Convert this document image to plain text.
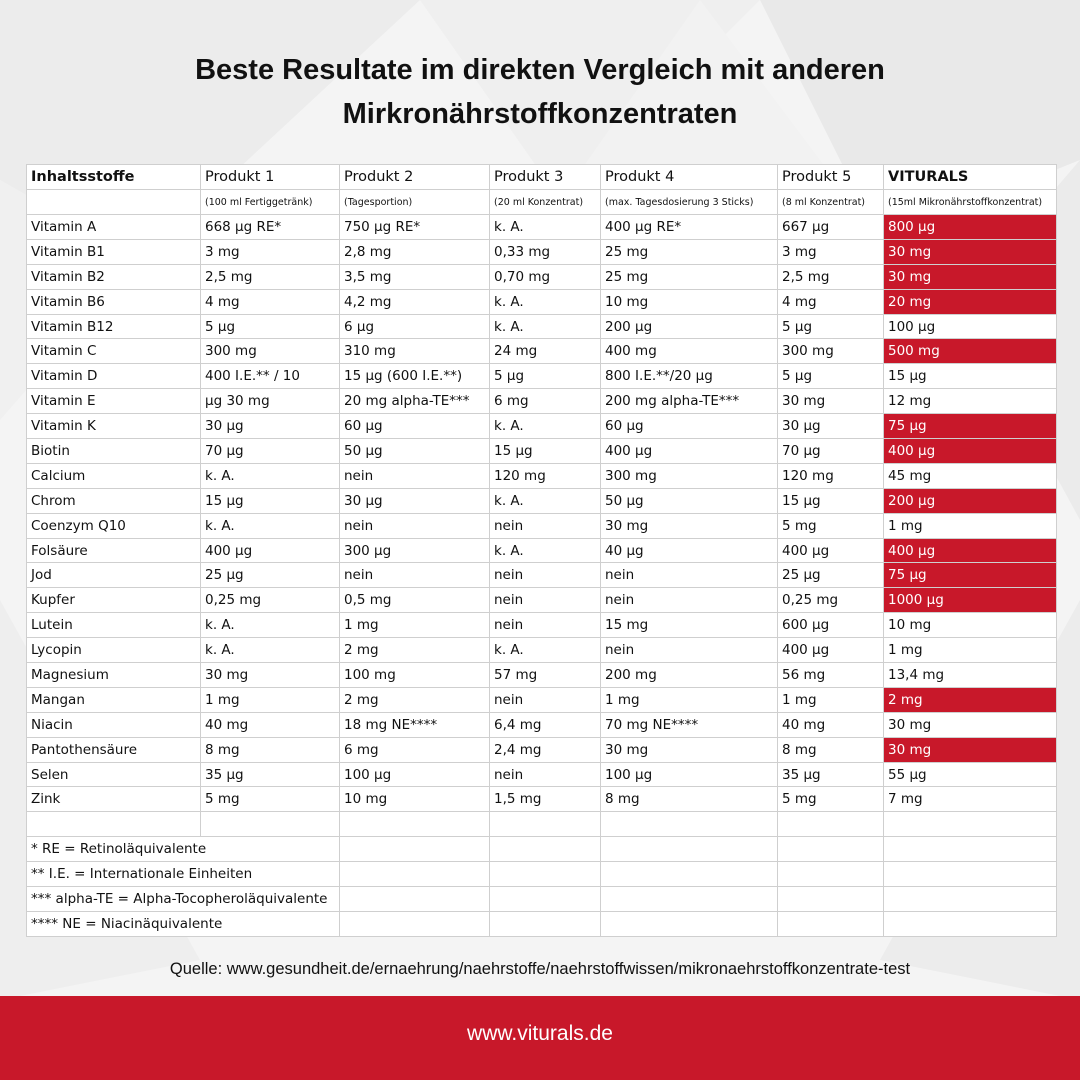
Beste Resultate im direkten Vergleich mit anderen
Mirkronährstoffkonzentraten
Inhaltsstoffe	Produkt 1	Produkt 2	Produkt 3	Produkt 4	Produkt 5	VITURALS
	(100 ml Fertiggetränk)	(Tagesportion)	(20 ml Konzentrat)	(max. Tagesdosierung 3 Sticks)	(8 ml Konzentrat)	(15ml Mikronährstoffkonzentrat)
Vitamin A	668 µg RE*	750 µg RE*	k. A.	400 µg RE*	667 µg	800 µg
Vitamin B1	3 mg	2,8 mg	0,33 mg	25 mg	3 mg	30 mg
Vitamin B2	2,5 mg	3,5 mg	0,70 mg	25 mg	2,5 mg	30 mg
Vitamin B6	4 mg	4,2 mg	k. A.	10 mg	4 mg	20 mg
Vitamin B12	5 µg	6 µg	k. A.	200 µg	5 µg	100 µg
Vitamin C	300 mg	310 mg	24 mg	400 mg	300 mg	500 mg
Vitamin D	400 I.E.** / 10	15 µg (600 I.E.**)	5 µg	800 I.E.**/20 µg	5 µg	15 µg
Vitamin E	µg 30 mg	20 mg alpha-TE***	6 mg	200 mg alpha-TE***	30 mg	12 mg
Vitamin K	30 µg	60 µg	k. A.	60 µg	30 µg	75 µg
Biotin	70 µg	50 µg	15 µg	400 µg	70 µg	400 µg
Calcium	k. A.	nein	120 mg	300 mg	120 mg	45 mg
Chrom	15 µg	30 µg	k. A.	50 µg	15 µg	200 µg
Coenzym Q10	k. A.	nein	nein	30 mg	5 mg	1 mg
Folsäure	400 µg	300 µg	k. A.	40 µg	400 µg	400 µg
Jod	25 µg	nein	nein	nein	25 µg	75 µg
Kupfer	0,25 mg	0,5 mg	nein	nein	0,25 mg	1000 µg
Lutein	k. A.	1 mg	nein	15 mg	600 µg	10 mg
Lycopin	k. A.	2 mg	k. A.	nein	400 µg	1 mg
Magnesium	30 mg	100 mg	57 mg	200 mg	56 mg	13,4 mg
Mangan	1 mg	2 mg	nein	1 mg	1 mg	2 mg
Niacin	40 mg	18 mg NE****	6,4 mg	70 mg NE****	40 mg	30 mg
Pantothensäure	8 mg	6 mg	2,4 mg	30 mg	8 mg	30 mg
Selen	35 µg	100 µg	nein	100 µg	35 µg	55 µg
Zink	5 mg	10 mg	1,5 mg	8 mg	5 mg	7 mg

* RE = Retinoläquivalente						
** I.E. = Internationale Einheiten						
*** alpha-TE = Alpha-Tocopheroläquivalente						
**** NE = Niacinäquivalente						
Quelle: www.gesundheit.de/ernaehrung/naehrstoffe/naehrstoffwissen/mikronaehrstoffkonzentrate-test
www.viturals.de
